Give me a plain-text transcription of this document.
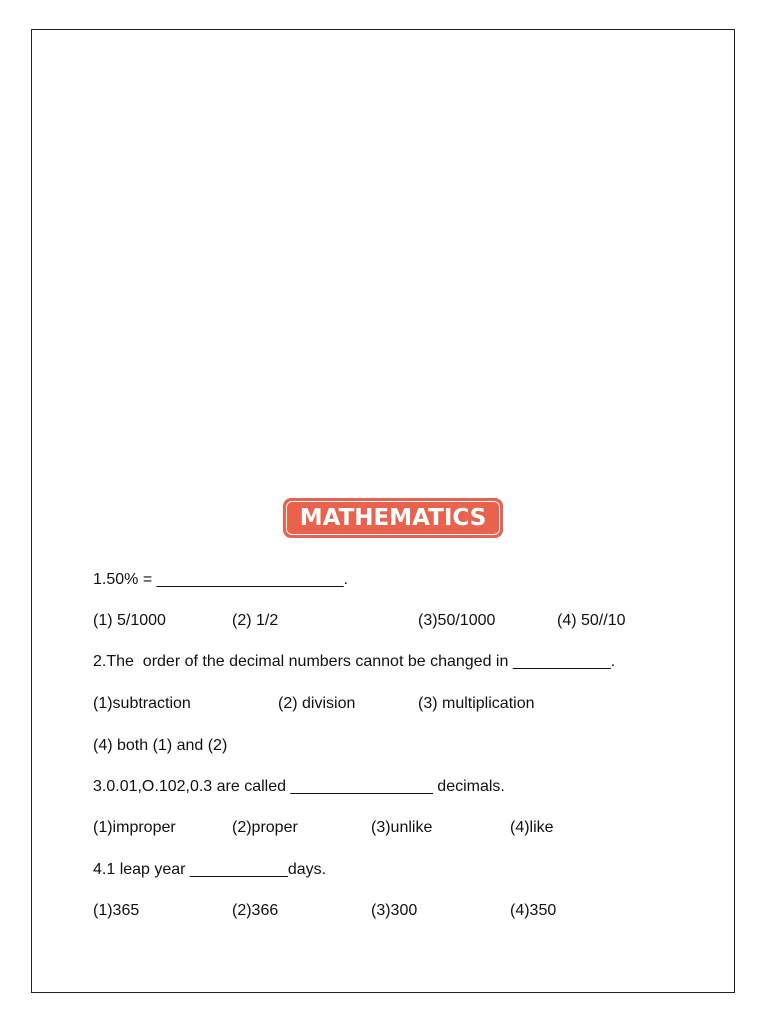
MATHEMATICS
1.50% = _____________________.
(1) 5/1000	(2) 1/2	(3)50/1000	(4) 50//10
2.The  order of the decimal numbers cannot be changed in ___________.
(1)subtraction	(2) division	(3) multiplication
(4) both (1) and (2)
3.0.01,O.102,0.3 are called ________________ decimals.
(1)improper	(2)proper	(3)unlike	(4)like
4.1 leap year ___________days.
(1)365	(2)366	(3)300	(4)350
